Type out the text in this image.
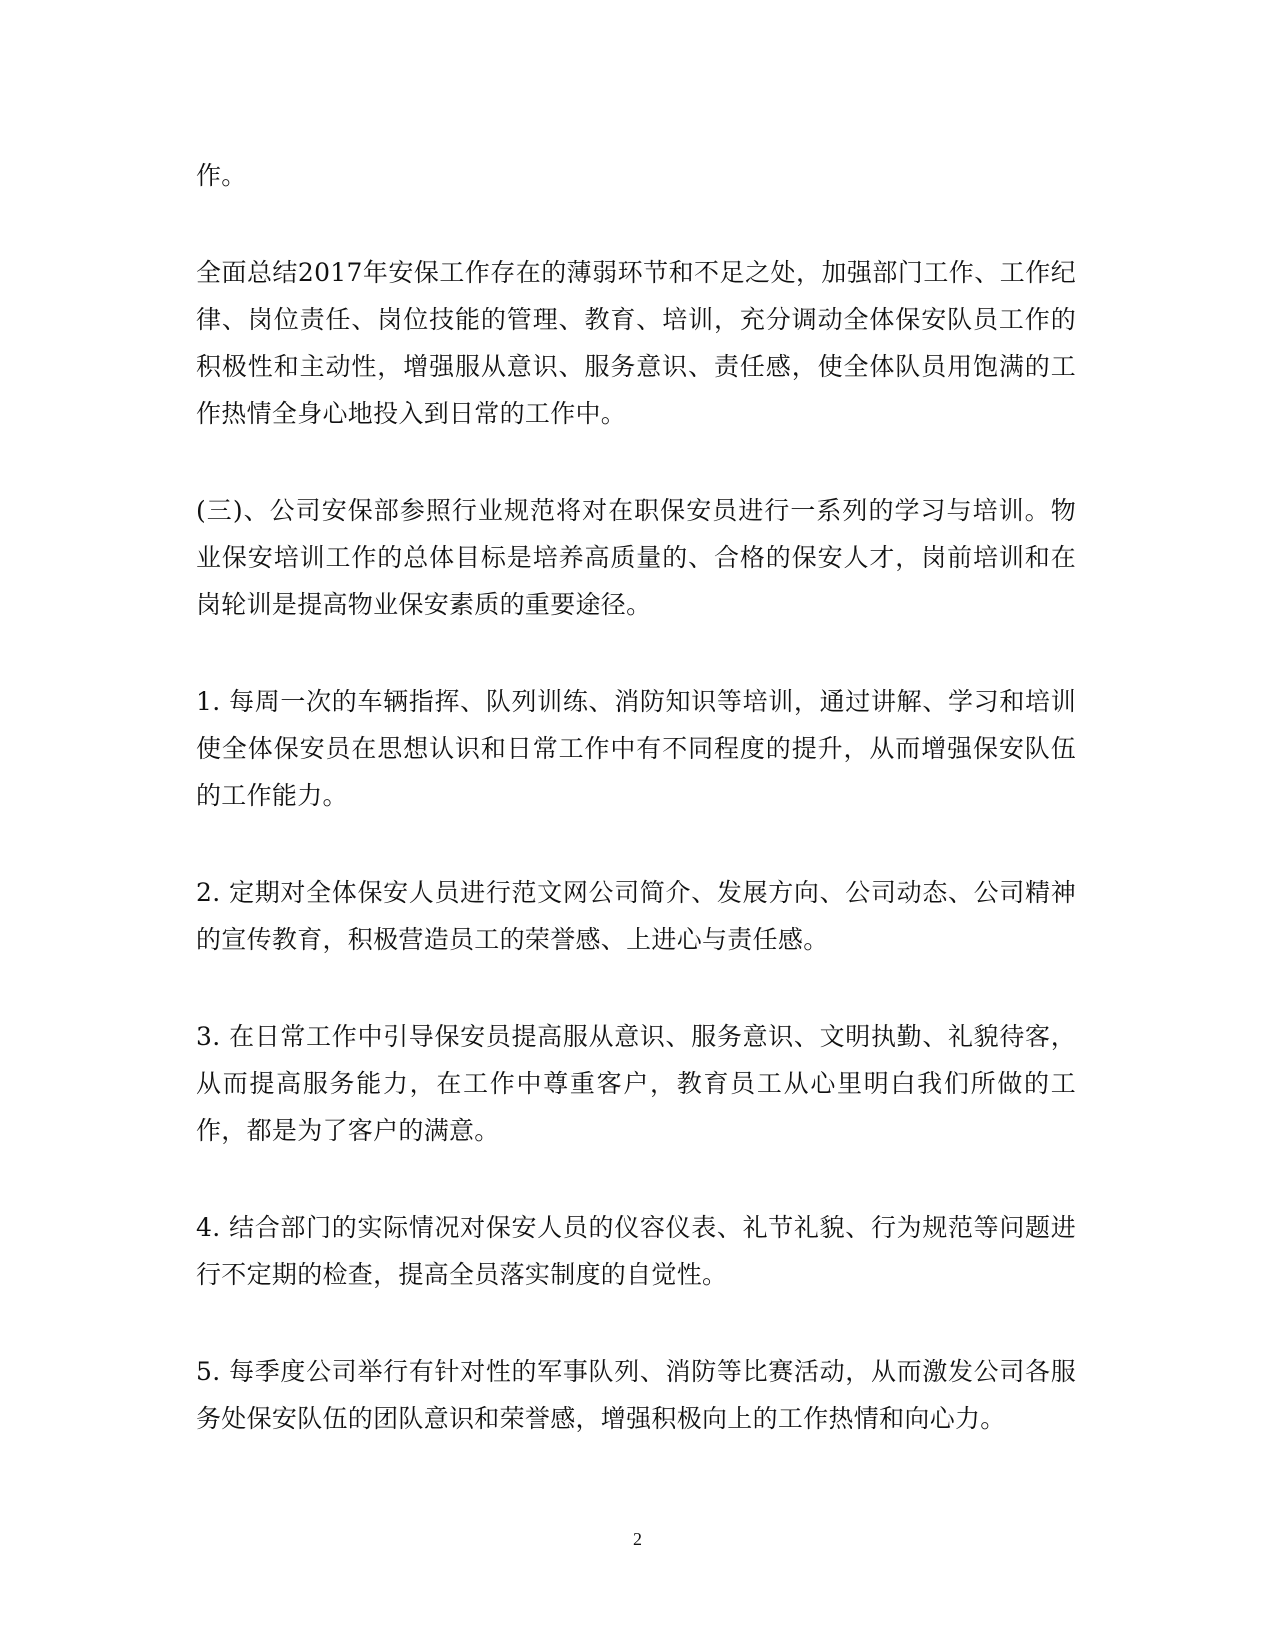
作。

全面总结2017年安保工作存在的薄弱环节和不足之处，加强部门工作、工作纪律、岗位责任、岗位技能的管理、教育、培训，充分调动全体保安队员工作的积极性和主动性，增强服从意识、服务意识、责任感，使全体队员用饱满的工作热情全身心地投入到日常的工作中。

(三)、公司安保部参照行业规范将对在职保安员进行一系列的学习与培训。物业保安培训工作的总体目标是培养高质量的、合格的保安人才，岗前培训和在岗轮训是提高物业保安素质的重要途径。

1. 每周一次的车辆指挥、队列训练、消防知识等培训，通过讲解、学习和培训使全体保安员在思想认识和日常工作中有不同程度的提升，从而增强保安队伍的工作能力。

2. 定期对全体保安人员进行范文网公司简介、发展方向、公司动态、公司精神的宣传教育，积极营造员工的荣誉感、上进心与责任感。

3. 在日常工作中引导保安员提高服从意识、服务意识、文明执勤、礼貌待客，从而提高服务能力，在工作中尊重客户，教育员工从心里明白我们所做的工作，都是为了客户的满意。

4. 结合部门的实际情况对保安人员的仪容仪表、礼节礼貌、行为规范等问题进行不定期的检查，提高全员落实制度的自觉性。

5. 每季度公司举行有针对性的军事队列、消防等比赛活动，从而激发公司各服务处保安队伍的团队意识和荣誉感，增强积极向上的工作热情和向心力。

2
